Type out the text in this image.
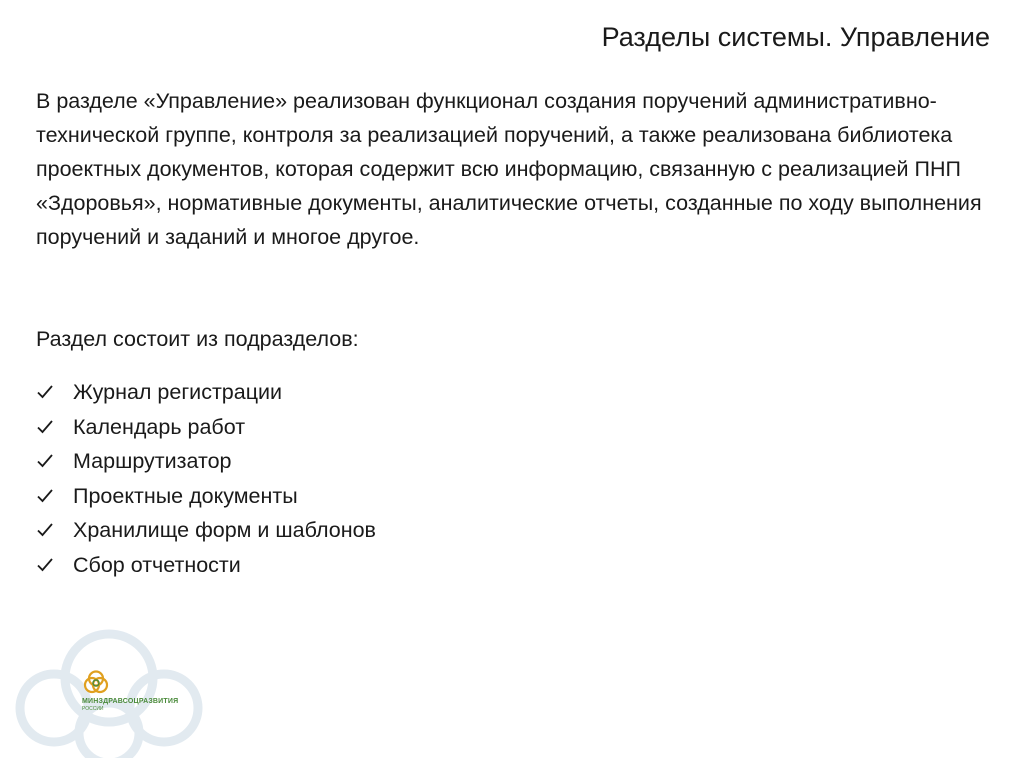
Разделы системы. Управление

В разделе «Управление» реализован функционал создания поручений административно-технической группе, контроля за реализацией поручений, а также реализована библиотека проектных документов, которая содержит всю информацию, связанную с реализацией ПНП «Здоровья», нормативные документы, аналитические отчеты, созданные по ходу выполнения поручений и заданий и многое другое.

Раздел состоит из подразделов:

Журнал регистрации
Календарь работ
Маршрутизатор
Проектные документы
Хранилище форм и шаблонов
Сбор отчетности
МИНЗДРАВСОЦРАЗВИТИЯ
РОССИИ
